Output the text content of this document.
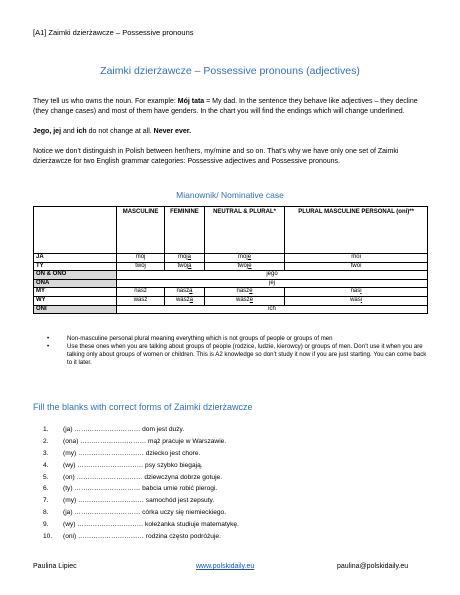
[A1] Zaimki dzierżawcze – Possessive pronouns
Zaimki dzierżawcze – Possessive pronouns (adjectives)
They tell us who owns the noun. For example: Mój tata = My dad. In the sentence they behave like adjectives – they decline (they change cases) and most of them have genders. In the chart you will find the endings which will change underlined.
Jego, jej and ich do not change at all. Never ever.
Notice we don’t distinguish in Polish between her/hers, my/mine and so on. That’s why we have only one set of Zaimki dzierżawcze for two English grammar categories: Possessive adjectives and Possessive pronouns.
Mianownik/ Nominative case
	MASCULINE	FEMININE	NEUTRAL & PLURAL*	PLURAL MASCULINE PERSONAL (oni)**
JA	mój	moja	moje	moi
TY	twój	twoja	twoje	twoi
ON & ONO	jego			
ONA	jej			
MY	nasz	nasza	nasze	nasi
WY	wasz	wasza	wasze	wasi
ONI	ich			
•	Non-masculine personal plural meaning everything which is not groups of people or groups of men
•	Use these ones when you are talking about groups of people (rodzice, ludzie, kierowcy) or groups of men. Don’t use it when you are talking only about groups of women or children. This is A2 knowledge so don’t study it now if you are just starting. You can come back to it later.
Fill the blanks with correct forms of Zaimki dzierżawcze
1. (ja) ………………………… dom jest duży.
2. (ona) ………………………… mąż pracuje w Warszawie.
3. (my) ………………………… dziecko jest chore.
4. (wy) ………………………… psy szybko biegają.
5. (on) ………………………… dziewczyna dobrze gotuje.
6. (ty) ………………………… babcia umie robić pierogi.
7. (my) ………………………… samochód jest zepsuty.
8. (ja) ………………………… córka uczy się niemieckiego.
9. (wy) ………………………… koleżanka studiuje matematykę.
10. (oni) ………………………… rodzina często podróżuje.
Paulina Lipiec	www.polskidaily.eu	paulina@polskidaily.eu
